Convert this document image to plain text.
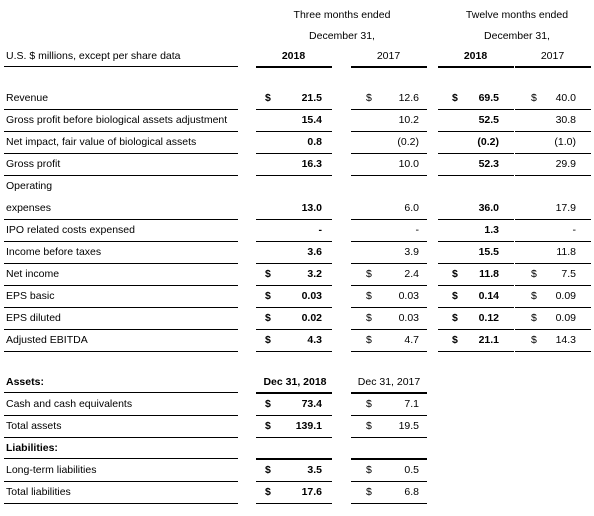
Three months ended
December 31,
Twelve months ended
December 31,
U.S. $ millions, except per share data	2018	2017	2018	2017
Revenue	$	21.5	$	12.6	$	69.5	$	40.0
Gross profit before biological assets adjustment	15.4	10.2	52.5	30.8
Net impact, fair value of biological assets	0.8	(0.2)	(0.2)	(1.0)
Gross profit	16.3	10.0	52.3	29.9
Operating
expenses	13.0	6.0	36.0	17.9
IPO related costs expensed	-	-	1.3	-
Income before taxes	3.6	3.9	15.5	11.8
Net income	$	3.2	$	2.4	$	11.8	$	7.5
EPS basic	$	0.03	$	0.03	$	0.14	$	0.09
EPS diluted	$	0.02	$	0.03	$	0.12	$	0.09
Adjusted EBITDA	$	4.3	$	4.7	$	21.1	$	14.3
Assets:	Dec 31, 2018	Dec 31, 2017
Cash and cash equivalents	$	73.4	$	7.1
Total assets	$	139.1	$	19.5
Liabilities:
Long-term liabilities	$	3.5	$	0.5
Total liabilities	$	17.6	$	6.8
